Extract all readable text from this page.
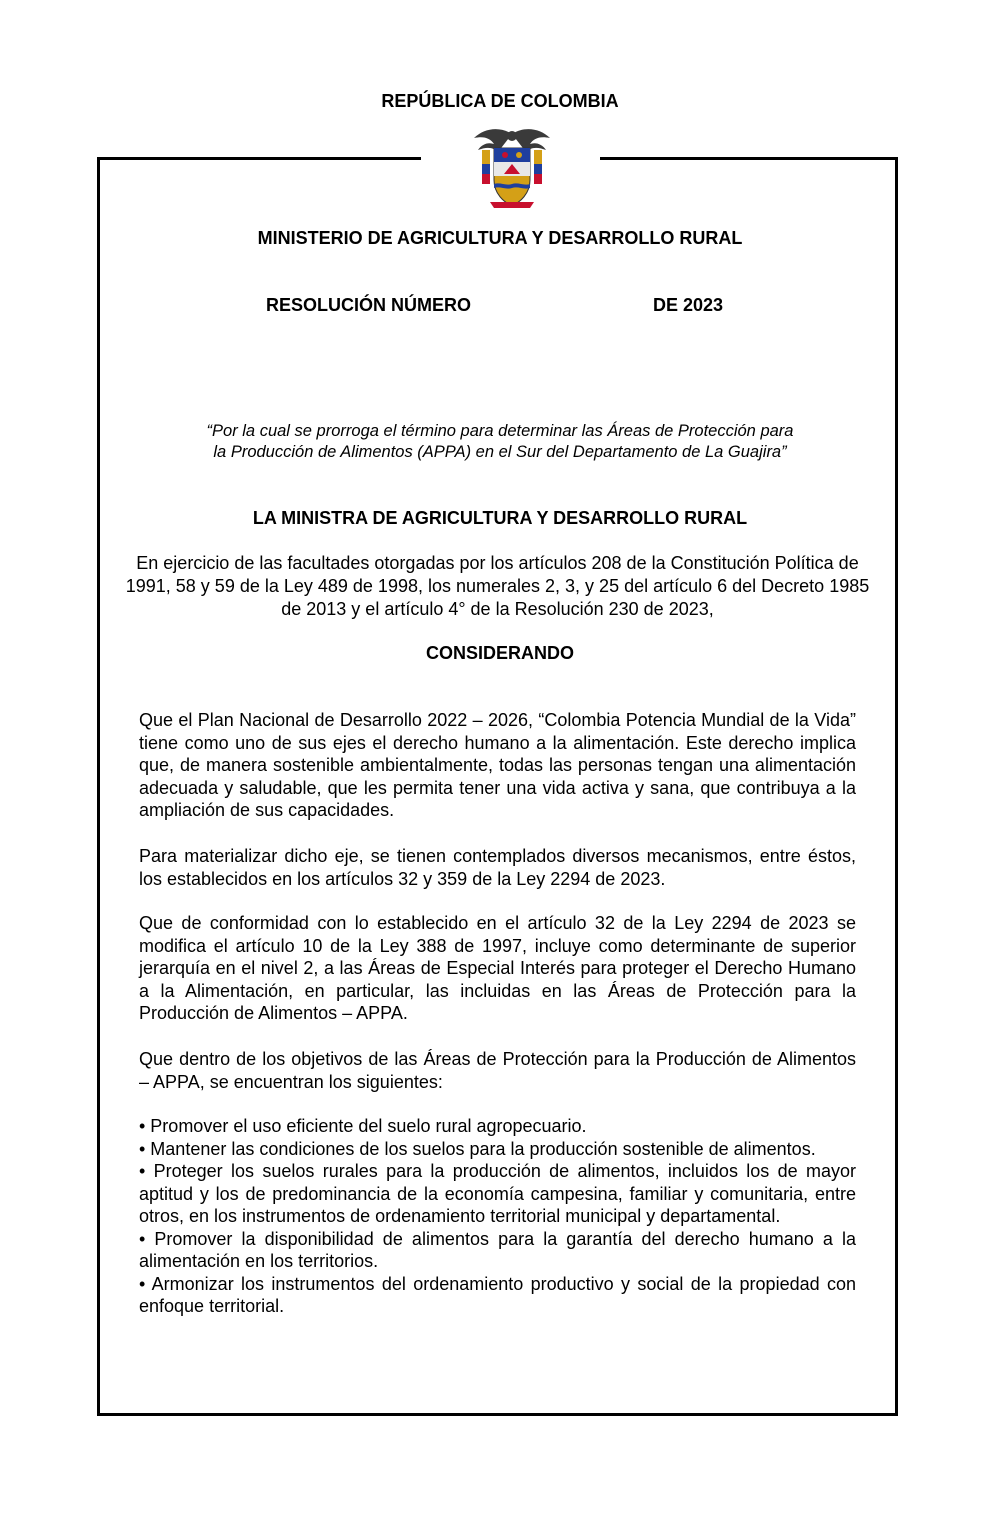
REPÚBLICA DE COLOMBIA
MINISTERIO DE AGRICULTURA Y DESARROLLO RURAL
RESOLUCIÓN NÚMERO	DE 2023
“Por la cual se prorroga el término para determinar las Áreas de Protección para la Producción de Alimentos (APPA) en el Sur del Departamento de La Guajira”
LA MINISTRA DE AGRICULTURA Y DESARROLLO RURAL
En ejercicio de las facultades otorgadas por los artículos 208 de la Constitución Política de 1991, 58 y 59 de la Ley 489 de 1998, los numerales 2, 3, y 25 del artículo 6 del Decreto 1985 de 2013 y el artículo 4° de la Resolución 230 de 2023,
CONSIDERANDO

Que el Plan Nacional de Desarrollo 2022 – 2026, “Colombia Potencia Mundial de la Vida” tiene como uno de sus ejes el derecho humano a la alimentación. Este derecho implica que, de manera sostenible ambientalmente, todas las personas tengan una alimentación adecuada y saludable, que les permita tener una vida activa y sana, que contribuya a la ampliación de sus capacidades.

Para materializar dicho eje, se tienen contemplados diversos mecanismos, entre éstos, los establecidos en los artículos 32 y 359 de la Ley 2294 de 2023.

Que de conformidad con lo establecido en el artículo 32 de la Ley 2294 de 2023 se modifica el artículo 10 de la Ley 388 de 1997, incluye como determinante de superior jerarquía en el nivel 2, a las Áreas de Especial Interés para proteger el Derecho Humano a la Alimentación, en particular, las incluidas en las Áreas de Protección para la Producción de Alimentos – APPA.

Que dentro de los objetivos de las Áreas de Protección para la Producción de Alimentos – APPA, se encuentran los siguientes:

• Promover el uso eficiente del suelo rural agropecuario.

• Mantener las condiciones de los suelos para la producción sostenible de alimentos.

• Proteger los suelos rurales para la producción de alimentos, incluidos los de mayor aptitud y los de predominancia de la economía campesina, familiar y comunitaria, entre otros, en los instrumentos de ordenamiento territorial municipal y departamental.

• Promover la disponibilidad de alimentos para la garantía del derecho humano a la alimentación en los territorios.

• Armonizar los instrumentos del ordenamiento productivo y social de la propiedad con enfoque territorial.
